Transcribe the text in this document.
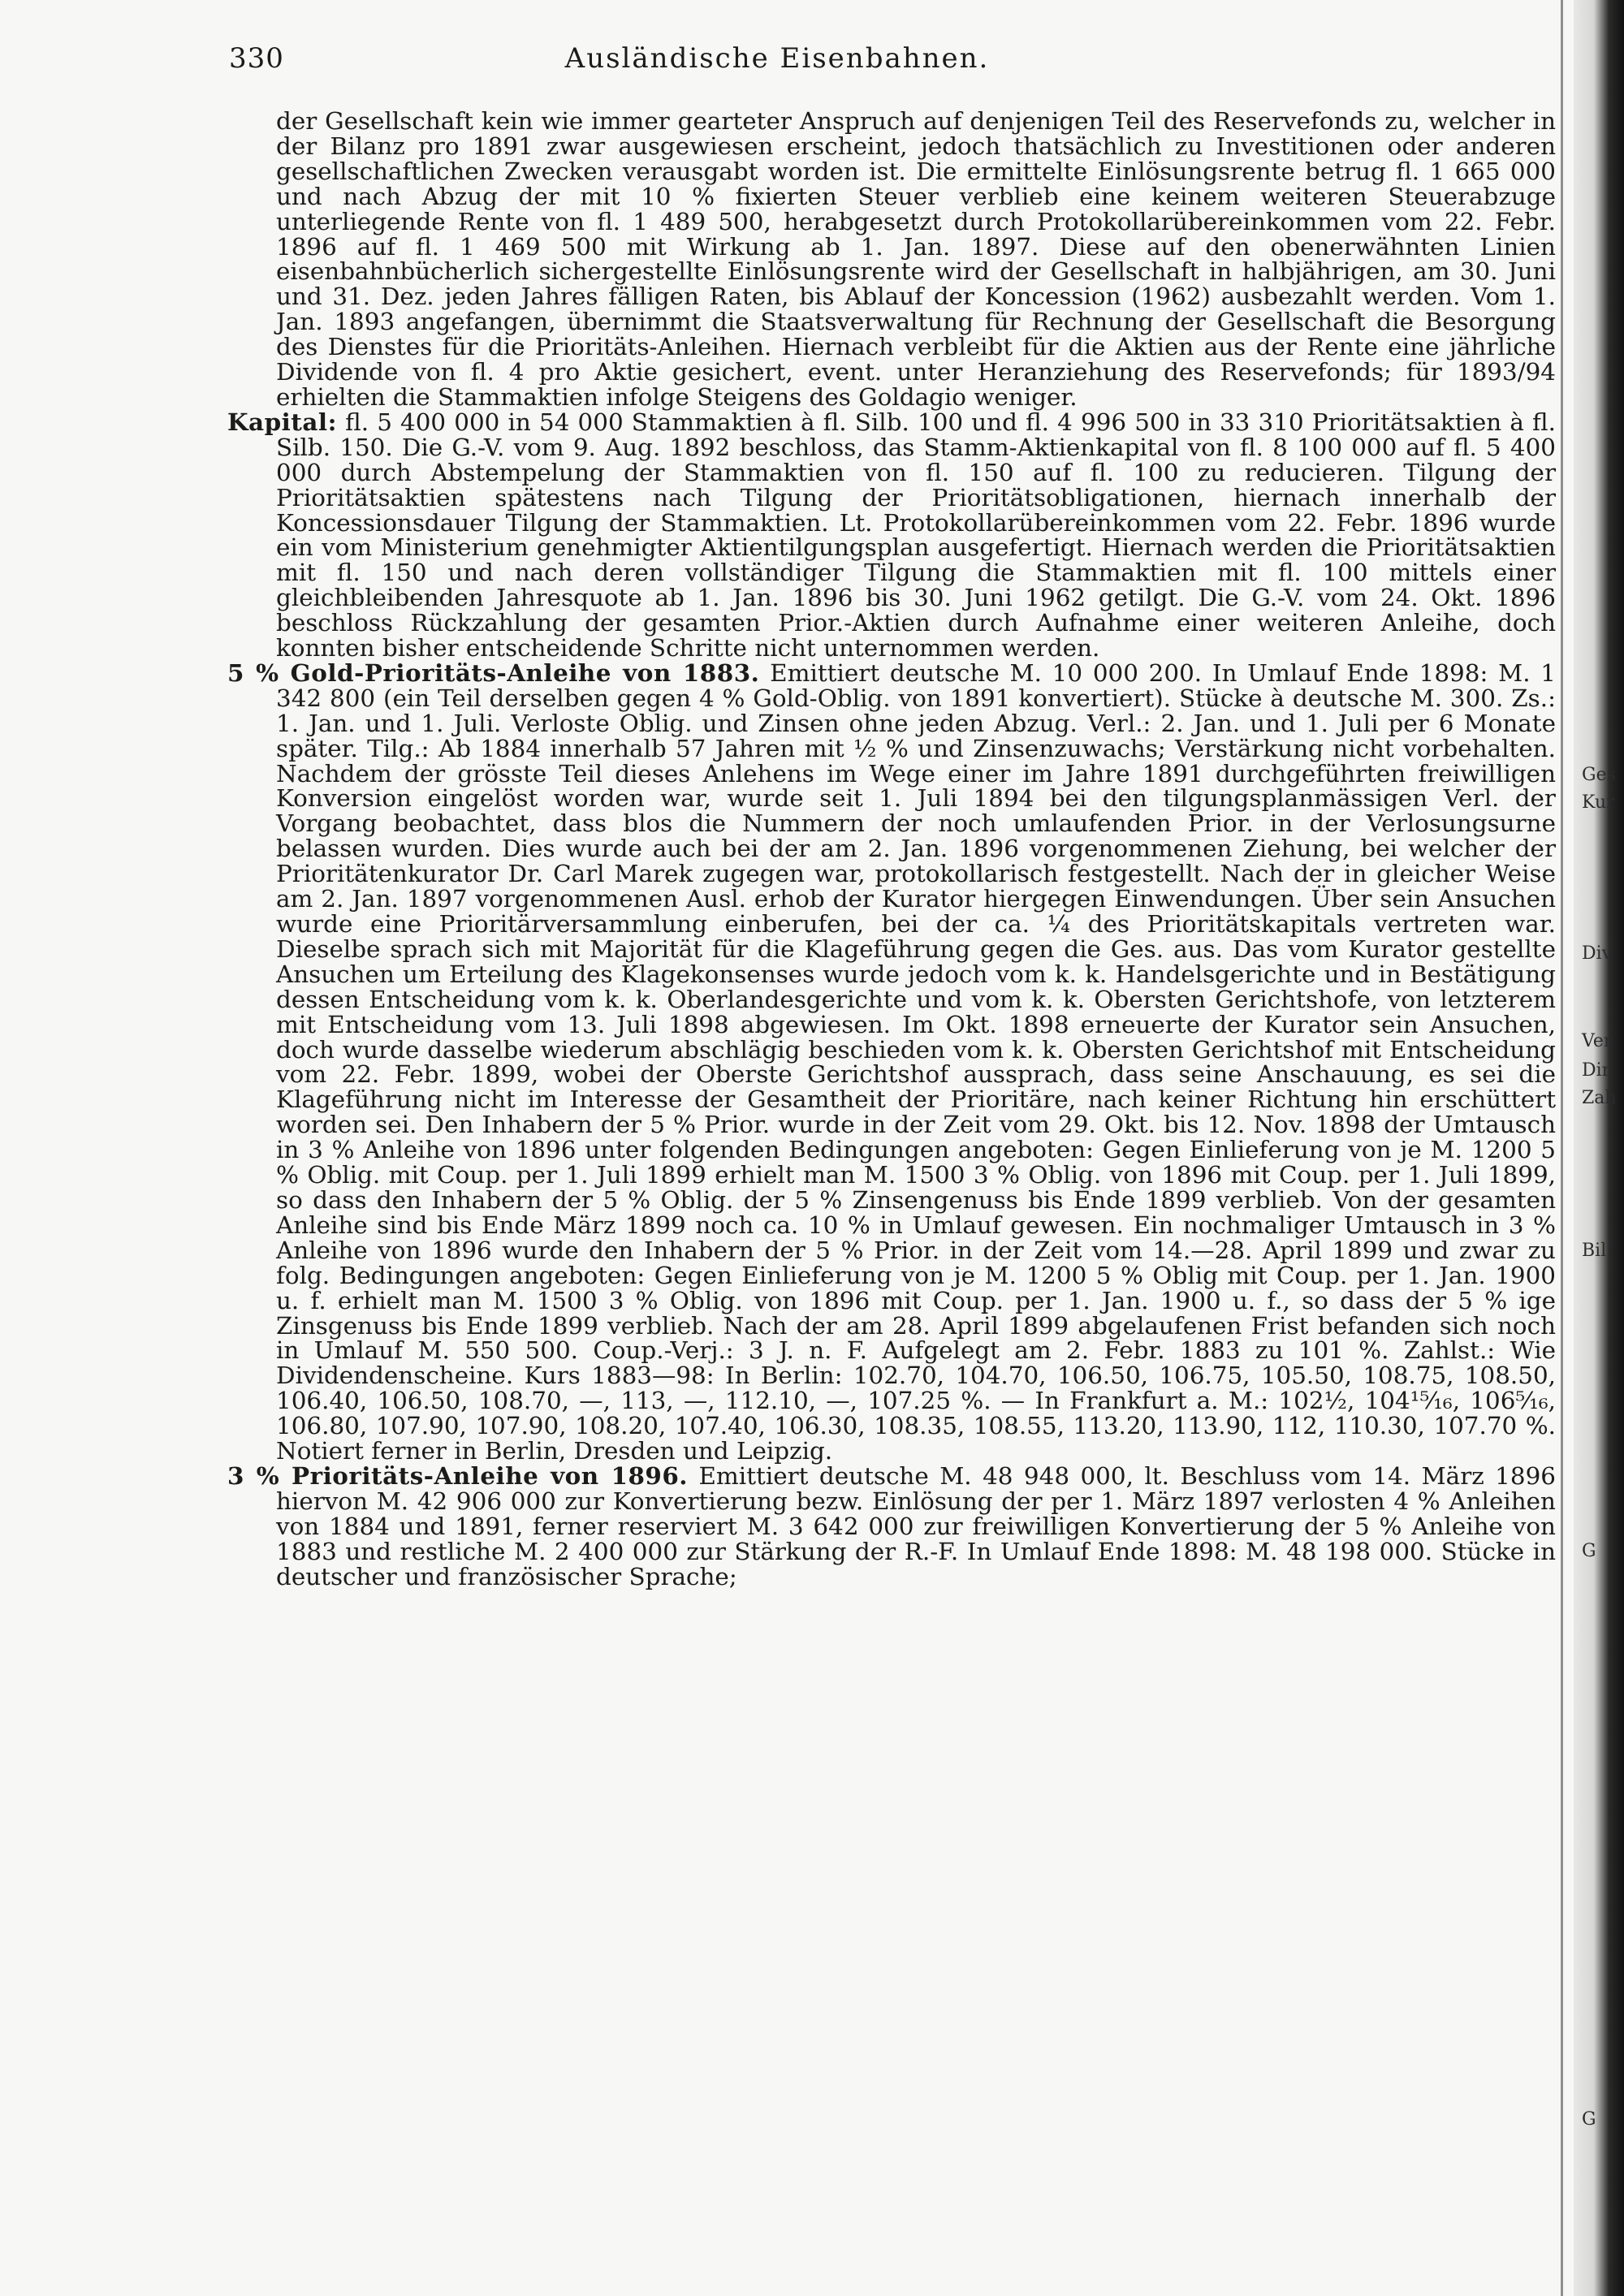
330	Ausländische Eisenbahnen.

der Gesellschaft kein wie immer gearteter Anspruch auf denjenigen Teil des Reservefonds zu, welcher in der Bilanz pro 1891 zwar ausgewiesen erscheint, jedoch thatsächlich zu Investitionen oder anderen gesellschaftlichen Zwecken verausgabt worden ist. Die ermittelte Einlösungsrente betrug fl. 1 665 000 und nach Abzug der mit 10 % fixierten Steuer verblieb eine keinem weiteren Steuerabzuge unterliegende Rente von fl. 1 489 500, herabgesetzt durch Protokollarübereinkommen vom 22. Febr. 1896 auf fl. 1 469 500 mit Wirkung ab 1. Jan. 1897. Diese auf den obenerwähnten Linien eisenbahnbücherlich sichergestellte Einlösungsrente wird der Gesellschaft in halbjährigen, am 30. Juni und 31. Dez. jeden Jahres fälligen Raten, bis Ablauf der Koncession (1962) ausbezahlt werden. Vom 1. Jan. 1893 angefangen, übernimmt die Staatsverwaltung für Rechnung der Gesellschaft die Besorgung des Dienstes für die Prioritäts-Anleihen. Hiernach verbleibt für die Aktien aus der Rente eine jährliche Dividende von fl. 4 pro Aktie gesichert, event. unter Heranziehung des Reservefonds; für 1893/94 erhielten die Stammaktien infolge Steigens des Goldagio weniger.

Kapital: fl. 5 400 000 in 54 000 Stammaktien à fl. Silb. 100 und fl. 4 996 500 in 33 310 Prioritätsaktien à fl. Silb. 150. Die G.-V. vom 9. Aug. 1892 beschloss, das Stamm-Aktienkapital von fl. 8 100 000 auf fl. 5 400 000 durch Abstempelung der Stammaktien von fl. 150 auf fl. 100 zu reducieren. Tilgung der Prioritätsaktien spätestens nach Tilgung der Prioritätsobligationen, hiernach innerhalb der Koncessionsdauer Tilgung der Stammaktien. Lt. Protokollarübereinkommen vom 22. Febr. 1896 wurde ein vom Ministerium genehmigter Aktientilgungsplan ausgefertigt. Hiernach werden die Prioritätsaktien mit fl. 150 und nach deren vollständiger Tilgung die Stammaktien mit fl. 100 mittels einer gleichbleibenden Jahresquote ab 1. Jan. 1896 bis 30. Juni 1962 getilgt. Die G.-V. vom 24. Okt. 1896 beschloss Rückzahlung der gesamten Prior.-Aktien durch Aufnahme einer weiteren Anleihe, doch konnten bisher entscheidende Schritte nicht unternommen werden.

5 % Gold-Prioritäts-Anleihe von 1883. Emittiert deutsche M. 10 000 200. In Umlauf Ende 1898: M. 1 342 800 (ein Teil derselben gegen 4 % Gold-Oblig. von 1891 konvertiert). Stücke à deutsche M. 300. Zs.: 1. Jan. und 1. Juli. Verloste Oblig. und Zinsen ohne jeden Abzug. Verl.: 2. Jan. und 1. Juli per 6 Monate später. Tilg.: Ab 1884 innerhalb 57 Jahren mit ½ % und Zinsenzuwachs; Verstärkung nicht vorbehalten. Nachdem der grösste Teil dieses Anlehens im Wege einer im Jahre 1891 durchgeführten freiwilligen Konversion eingelöst worden war, wurde seit 1. Juli 1894 bei den tilgungsplanmässigen Verl. der Vorgang beobachtet, dass blos die Nummern der noch umlaufenden Prior. in der Verlosungsurne belassen wurden. Dies wurde auch bei der am 2. Jan. 1896 vorgenommenen Ziehung, bei welcher der Prioritätenkurator Dr. Carl Marek zugegen war, protokollarisch festgestellt. Nach der in gleicher Weise am 2. Jan. 1897 vorgenommenen Ausl. erhob der Kurator hiergegen Einwendungen. Über sein Ansuchen wurde eine Prioritärversammlung einberufen, bei der ca. ¼ des Prioritätskapitals vertreten war. Dieselbe sprach sich mit Majorität für die Klageführung gegen die Ges. aus. Das vom Kurator gestellte Ansuchen um Erteilung des Klagekonsenses wurde jedoch vom k. k. Handelsgerichte und in Bestätigung dessen Entscheidung vom k. k. Oberlandesgerichte und vom k. k. Obersten Gerichtshofe, von letzterem mit Entscheidung vom 13. Juli 1898 abgewiesen. Im Okt. 1898 erneuerte der Kurator sein Ansuchen, doch wurde dasselbe wiederum abschlägig beschieden vom k. k. Obersten Gerichtshof mit Entscheidung vom 22. Febr. 1899, wobei der Oberste Gerichtshof aussprach, dass seine Anschauung, es sei die Klageführung nicht im Interesse der Gesamtheit der Prioritäre, nach keiner Richtung hin erschüttert worden sei. Den Inhabern der 5 % Prior. wurde in der Zeit vom 29. Okt. bis 12. Nov. 1898 der Umtausch in 3 % Anleihe von 1896 unter folgenden Bedingungen angeboten: Gegen Einlieferung von je M. 1200 5 % Oblig. mit Coup. per 1. Juli 1899 erhielt man M. 1500 3 % Oblig. von 1896 mit Coup. per 1. Juli 1899, so dass den Inhabern der 5 % Oblig. der 5 % Zinsengenuss bis Ende 1899 verblieb. Von der gesamten Anleihe sind bis Ende März 1899 noch ca. 10 % in Umlauf gewesen. Ein nochmaliger Umtausch in 3 % Anleihe von 1896 wurde den Inhabern der 5 % Prior. in der Zeit vom 14.—28. April 1899 und zwar zu folg. Bedingungen angeboten: Gegen Einlieferung von je M. 1200 5 % Oblig mit Coup. per 1. Jan. 1900 u. f. erhielt man M. 1500 3 % Oblig. von 1896 mit Coup. per 1. Jan. 1900 u. f., so dass der 5 % ige Zinsgenuss bis Ende 1899 verblieb. Nach der am 28. April 1899 abgelaufenen Frist befanden sich noch in Umlauf M. 550 500. Coup.-Verj.: 3 J. n. F. Aufgelegt am 2. Febr. 1883 zu 101 %. Zahlst.: Wie Dividendenscheine. Kurs 1883—98: In Berlin: 102.70, 104.70, 106.50, 106.75, 105.50, 108.75, 108.50, 106.40, 106.50, 108.70, —, 113, —, 112.10, —, 107.25 %. — In Frankfurt a. M.: 102½, 104¹⁵⁄₁₆, 106⁵⁄₁₆, 106.80, 107.90, 107.90, 108.20, 107.40, 106.30, 108.35, 108.55, 113.20, 113.90, 112, 110.30, 107.70 %. Notiert ferner in Berlin, Dresden und Leipzig.

3 % Prioritäts-Anleihe von 1896. Emittiert deutsche M. 48 948 000, lt. Beschluss vom 14. März 1896 hiervon M. 42 906 000 zur Konvertierung bezw. Einlösung der per 1. März 1897 verlosten 4 % Anleihen von 1884 und 1891, ferner reserviert M. 3 642 000 zur freiwilligen Konvertierung der 5 % Anleihe von 1883 und restliche M. 2 400 000 zur Stärkung der R.-F. In Umlauf Ende 1898: M. 48 198 000. Stücke in deutscher und französischer Sprache;

Ges
Kur
Div
Ver
Dir
Zah
Bil
G
G
